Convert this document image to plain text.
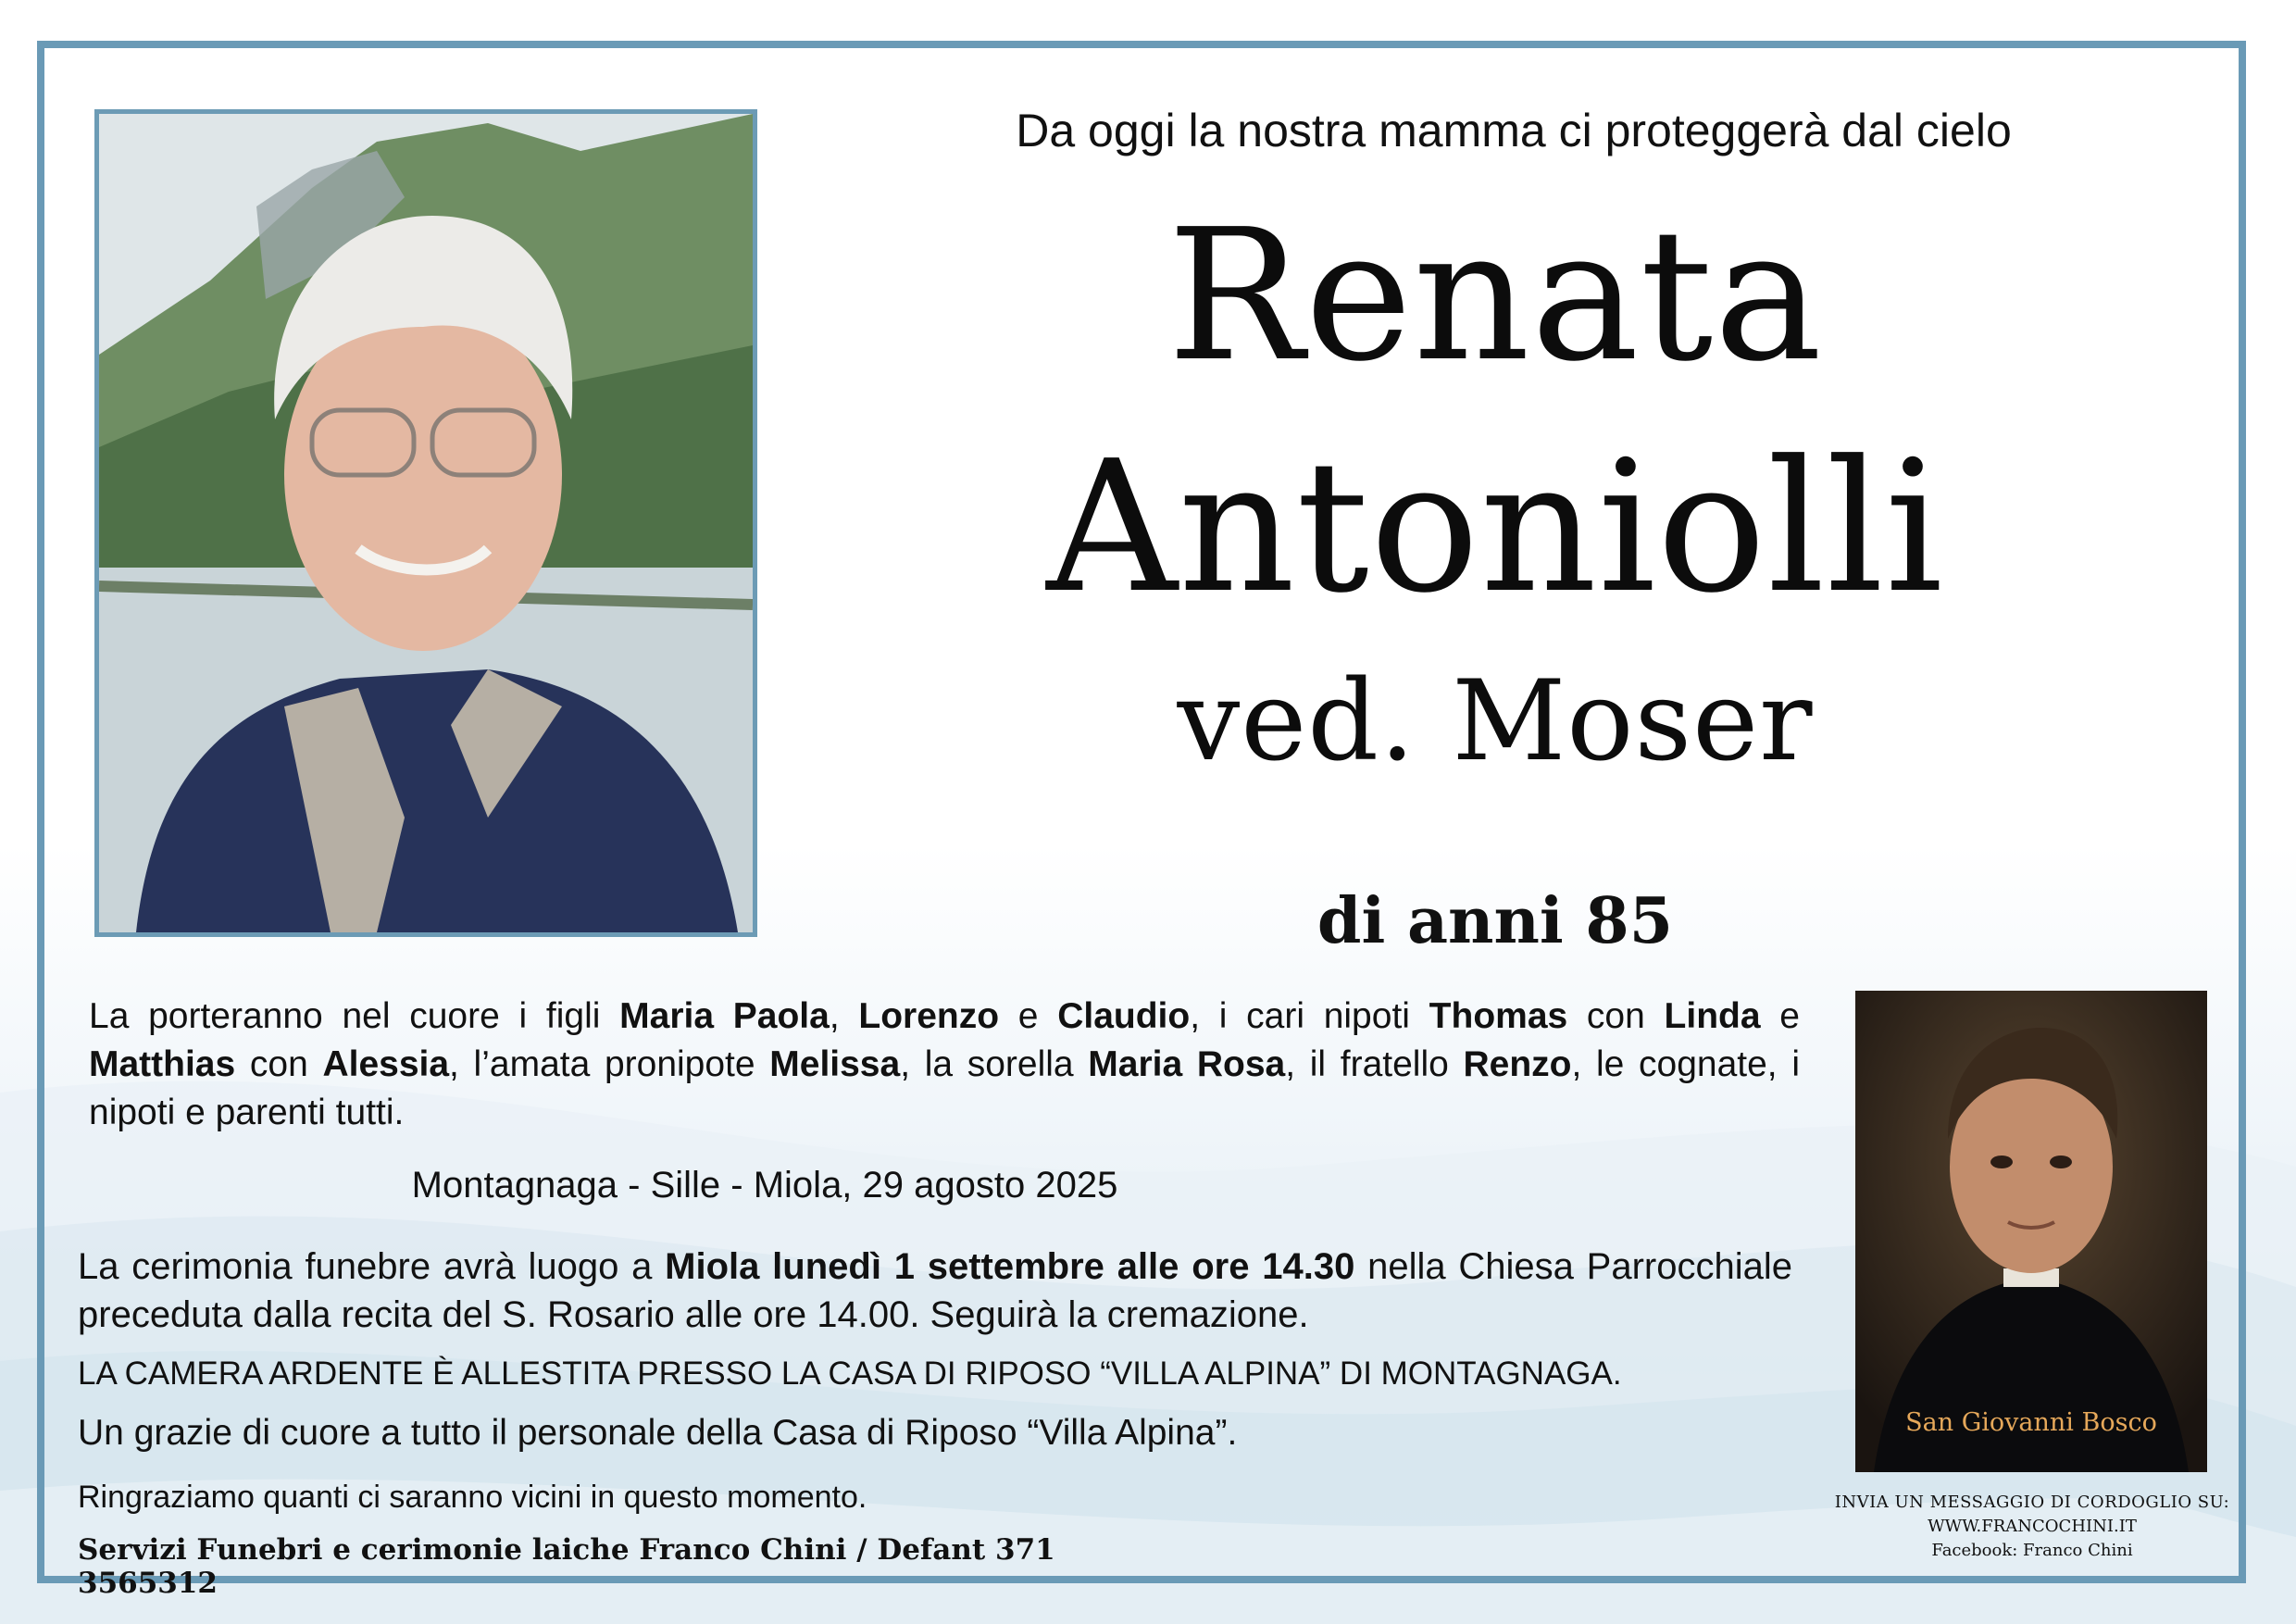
Da oggi la nostra mamma ci proteggerà dal cielo
Renata
Antoniolli
ved. Moser
di anni 85
La porteranno nel cuore i figli Maria Paola, Lorenzo e Claudio, i cari nipoti Thomas con Linda e Matthias con Alessia, l’amata pronipote Melissa, la sorella Maria Rosa, il fratello Renzo, le cognate, i nipoti e parenti tutti.
Montagnaga - Sille - Miola, 29 agosto 2025
La cerimonia funebre avrà luogo a Miola lunedì 1 settembre alle ore 14.30 nella Chiesa Parrocchiale preceduta dalla recita del S. Rosario alle ore 14.00. Seguirà la cremazione.
LA CAMERA ARDENTE È ALLESTITA PRESSO LA CASA DI RIPOSO “VILLA ALPINA” DI MONTAGNAGA.
Un grazie di cuore a tutto il personale della Casa di Riposo “Villa Alpina”.
Ringraziamo quanti ci saranno vicini in questo momento.
Servizi Funebri e cerimonie laiche Franco Chini / Defant 371 3565312
San Giovanni Bosco
INVIA UN MESSAGGIO DI CORDOGLIO SU:
WWW.FRANCOCHINI.IT
Facebook: Franco Chini
